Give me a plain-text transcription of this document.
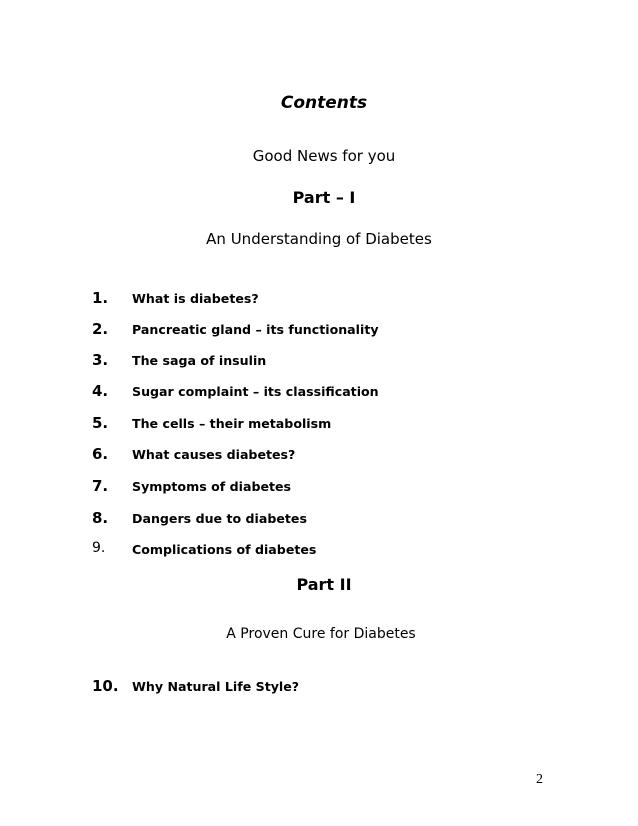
Contents
Good News for you
Part – I
An Understanding of Diabetes
1. What is diabetes?
2. Pancreatic gland – its functionality
3. The saga of insulin
4. Sugar complaint – its classification
5. The cells – their metabolism
6. What causes diabetes?
7. Symptoms of diabetes
8. Dangers due to diabetes
9. Complications of diabetes
Part II
A Proven Cure for Diabetes
10. Why Natural Life Style?
2
